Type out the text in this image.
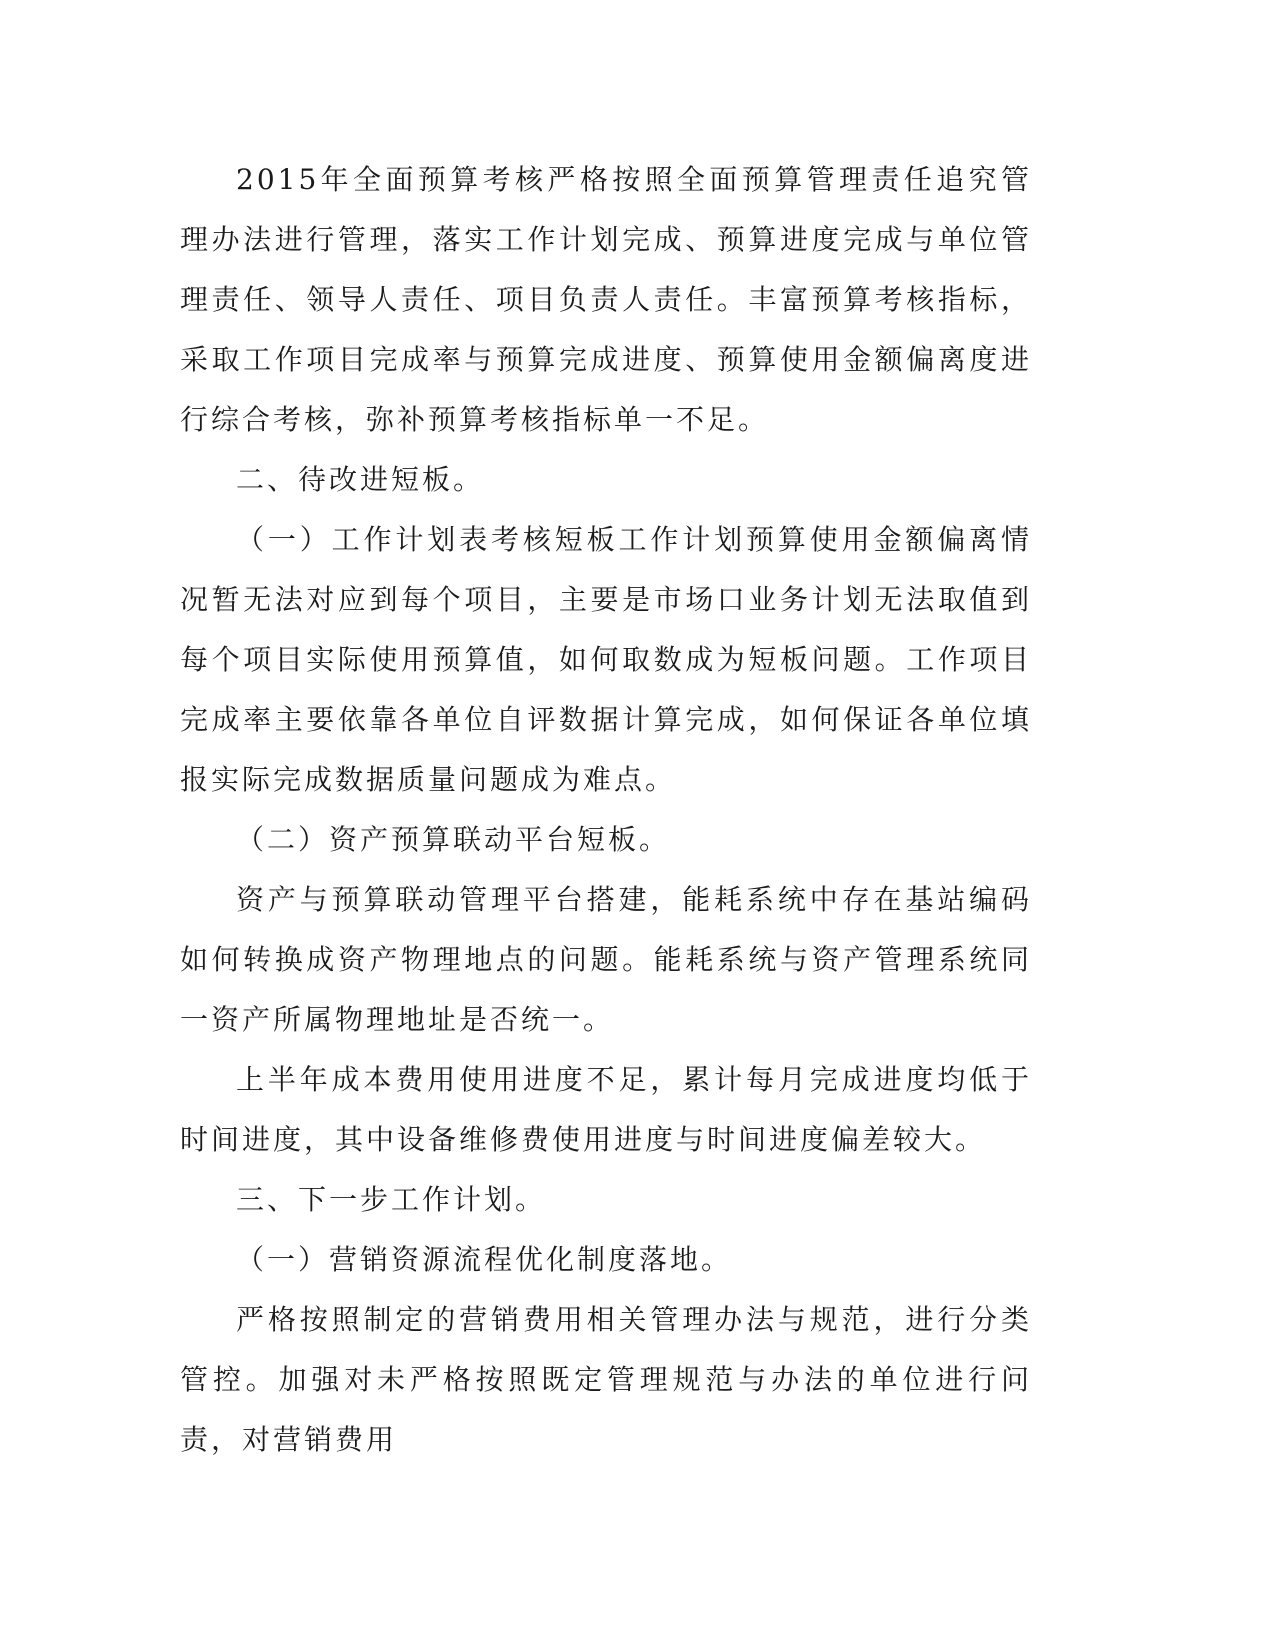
2015年全面预算考核严格按照全面预算管理责任追究管理办法进行管理，落实工作计划完成、预算进度完成与单位管理责任、领导人责任、项目负责人责任。丰富预算考核指标，采取工作项目完成率与预算完成进度、预算使用金额偏离度进行综合考核，弥补预算考核指标单一不足。

二、待改进短板。

（一）工作计划表考核短板工作计划预算使用金额偏离情况暂无法对应到每个项目，主要是市场口业务计划无法取值到每个项目实际使用预算值，如何取数成为短板问题。工作项目完成率主要依靠各单位自评数据计算完成，如何保证各单位填报实际完成数据质量问题成为难点。

（二）资产预算联动平台短板。

资产与预算联动管理平台搭建，能耗系统中存在基站编码如何转换成资产物理地点的问题。能耗系统与资产管理系统同一资产所属物理地址是否统一。

上半年成本费用使用进度不足，累计每月完成进度均低于时间进度，其中设备维修费使用进度与时间进度偏差较大。

三、下一步工作计划。

（一）营销资源流程优化制度落地。

严格按照制定的营销费用相关管理办法与规范，进行分类管控。加强对未严格按照既定管理规范与办法的单位进行问责，对营销费用
